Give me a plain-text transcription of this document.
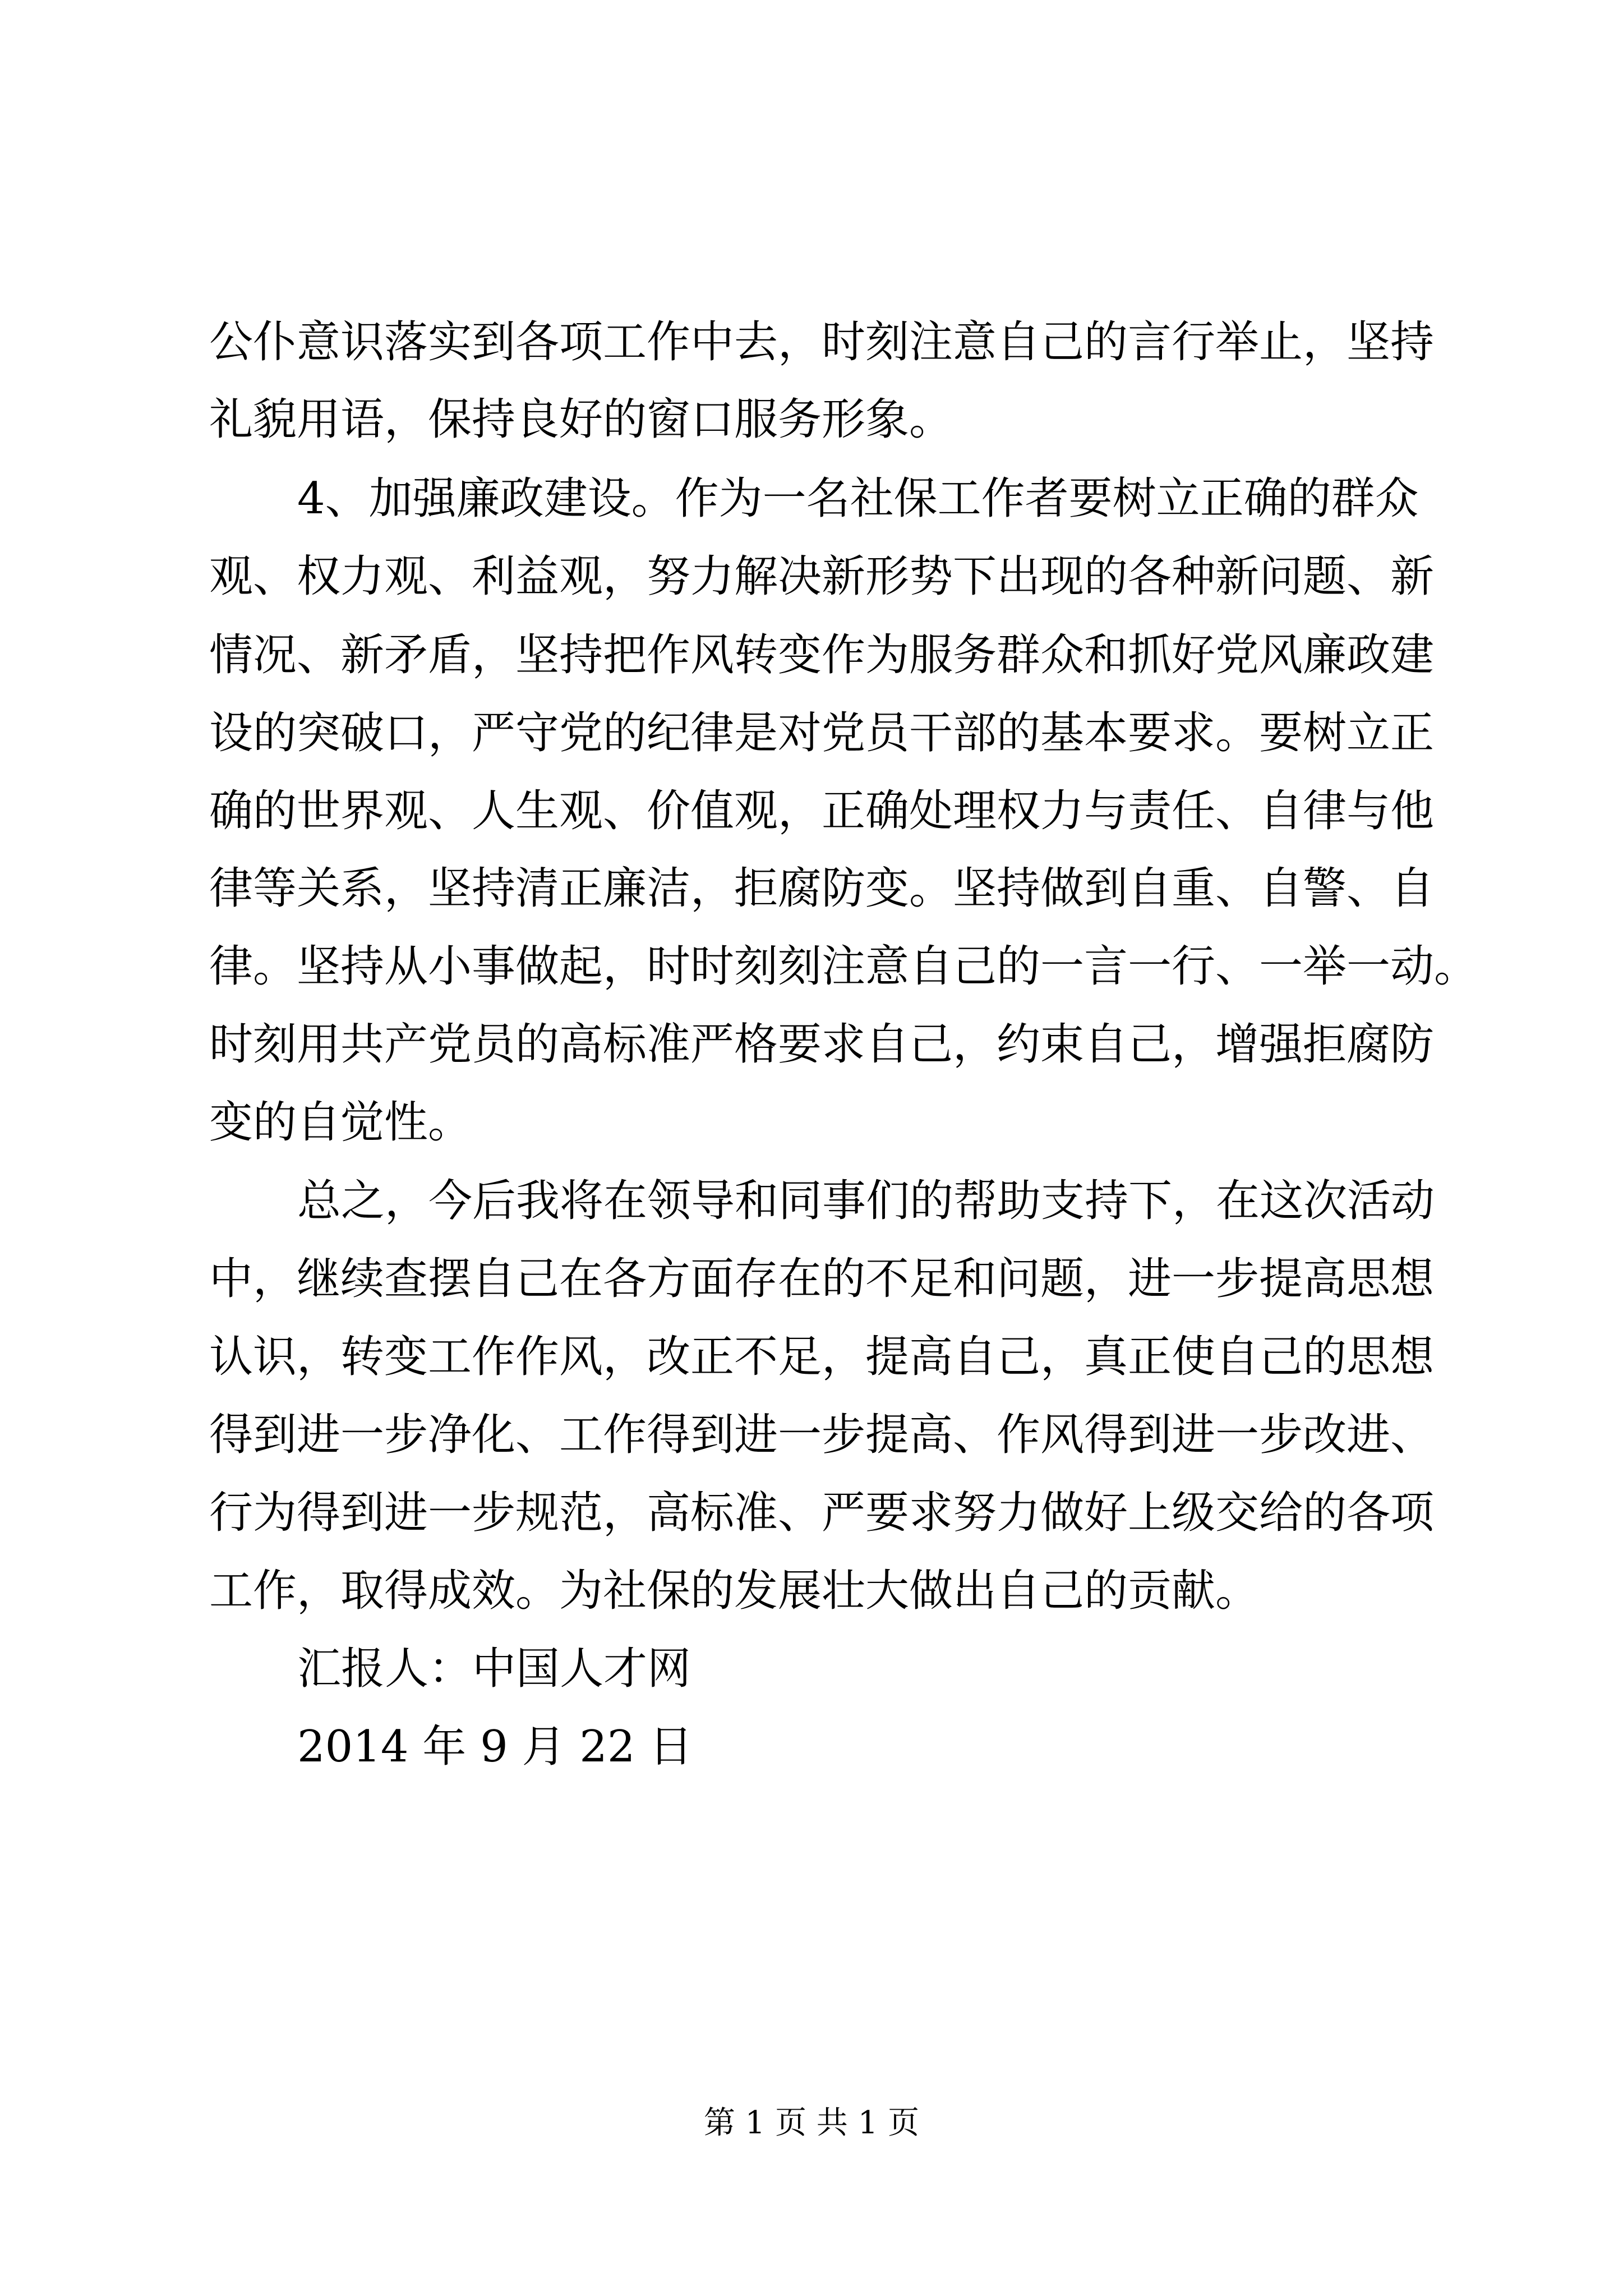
公仆意识落实到各项工作中去，时刻注意自己的言行举止，坚持

礼貌用语，保持良好的窗口服务形象。

4、加强廉政建设。作为一名社保工作者要树立正确的群众

观、权力观、利益观，努力解决新形势下出现的各种新问题、新

情况、新矛盾，坚持把作风转变作为服务群众和抓好党风廉政建

设的突破口，严守党的纪律是对党员干部的基本要求。要树立正

确的世界观、人生观、价值观，正确处理权力与责任、自律与他

律等关系，坚持清正廉洁，拒腐防变。坚持做到自重、自警、自

律。坚持从小事做起，时时刻刻注意自己的一言一行、一举一动。

时刻用共产党员的高标准严格要求自己，约束自己，增强拒腐防

变的自觉性。

总之，今后我将在领导和同事们的帮助支持下，在这次活动

中，继续查摆自己在各方面存在的不足和问题，进一步提高思想

认识，转变工作作风，改正不足，提高自己，真正使自己的思想

得到进一步净化、工作得到进一步提高、作风得到进一步改进、

行为得到进一步规范，高标准、严要求努力做好上级交给的各项

工作，取得成效。为社保的发展壮大做出自己的贡献。

汇报人：中国人才网

2014 年 9 月 22 日

第 1 页 共 1 页
